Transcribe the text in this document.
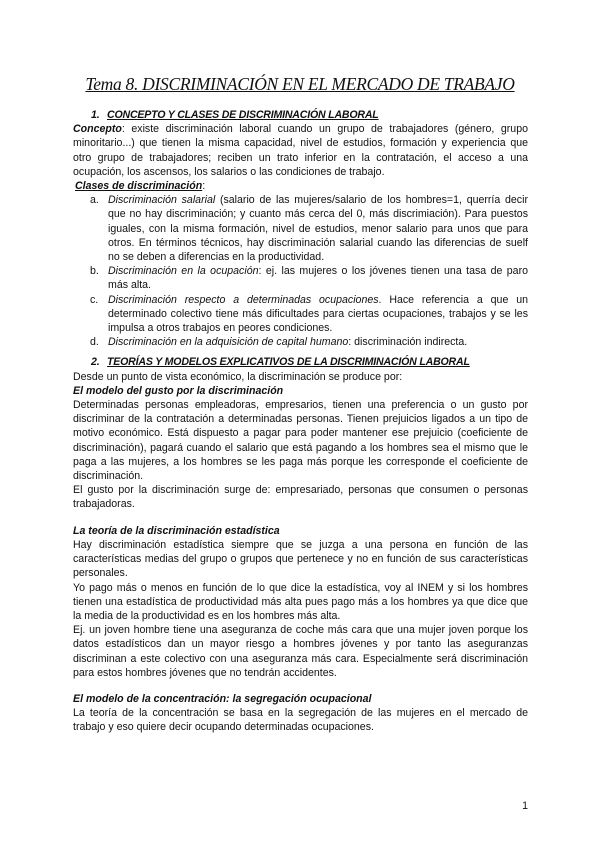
Tema 8. DISCRIMINACIÓN EN EL MERCADO DE TRABAJO
1. CONCEPTO Y CLASES DE DISCRIMINACIÓN LABORAL
Concepto: existe discriminación laboral cuando un grupo de trabajadores (género, grupo minoritario...) que tienen la misma capacidad, nivel de estudios, formación y experiencia que otro grupo de trabajadores; reciben un trato inferior en la contratación, el acceso a una ocupación, los ascensos, los salarios o las condiciones de trabajo.
Clases de discriminación:
a. Discriminación salarial (salario de las mujeres/salario de los hombres=1, querría decir que no hay discriminación; y cuanto más cerca del 0, más discrimiación). Para puestos iguales, con la misma formación, nivel de estudios, menor salario para unos que para otros. En términos técnicos, hay discriminación salarial cuando las diferencias de suelf no se deben a diferencias en la productividad.
b. Discriminación en la ocupación: ej. las mujeres o los jóvenes tienen una tasa de paro más alta.
c. Discriminación respecto a determinadas ocupaciones. Hace referencia a que un determinado colectivo tiene más dificultades para ciertas ocupaciones, trabajos y se les impulsa a otros trabajos en peores condiciones.
d. Discriminación en la adquisición de capital humano: discriminación indirecta.
2. TEORÍAS Y MODELOS EXPLICATIVOS DE LA DISCRIMINACIÓN LABORAL
Desde un punto de vista económico, la discriminación se produce por:
El modelo del gusto por la discriminación
Determinadas personas empleadoras, empresarios, tienen una preferencia o un gusto por discriminar de la contratación a determinadas personas. Tienen prejuicios ligados a un tipo de motivo económico. Está dispuesto a pagar para poder mantener ese prejuicio (coeficiente de discriminación), pagará cuando el salario que está pagando a los hombres sea el mismo que le paga a las mujeres, a los hombres se les paga más porque les corresponde el coeficiente de discriminación.
El gusto por la discriminación surge de: empresariado, personas que consumen o personas trabajadoras.
La teoría de la discriminación estadística
Hay discriminación estadística siempre que se juzga a una persona en función de las características medias del grupo o grupos que pertenece y no en función de sus características personales.
Yo pago más o menos en función de lo que dice la estadística, voy al INEM y si los hombres tienen una estadística de productividad más alta pues pago más a los hombres ya que dice que la media de la productividad es en los hombres más alta.
Ej. un joven hombre tiene una aseguranza de coche más cara que una mujer joven porque los datos estadísticos dan un mayor riesgo a hombres jóvenes y por tanto las aseguranzas discriminan a este colectivo con una aseguranza más cara. Especialmente será discriminación para estos hombres jóvenes que no tendrán accidentes.
El modelo de la concentración: la segregación ocupacional
La teoría de la concentración se basa en la segregación de las mujeres en el mercado de trabajo y eso quiere decir ocupando determinadas ocupaciones.
1
